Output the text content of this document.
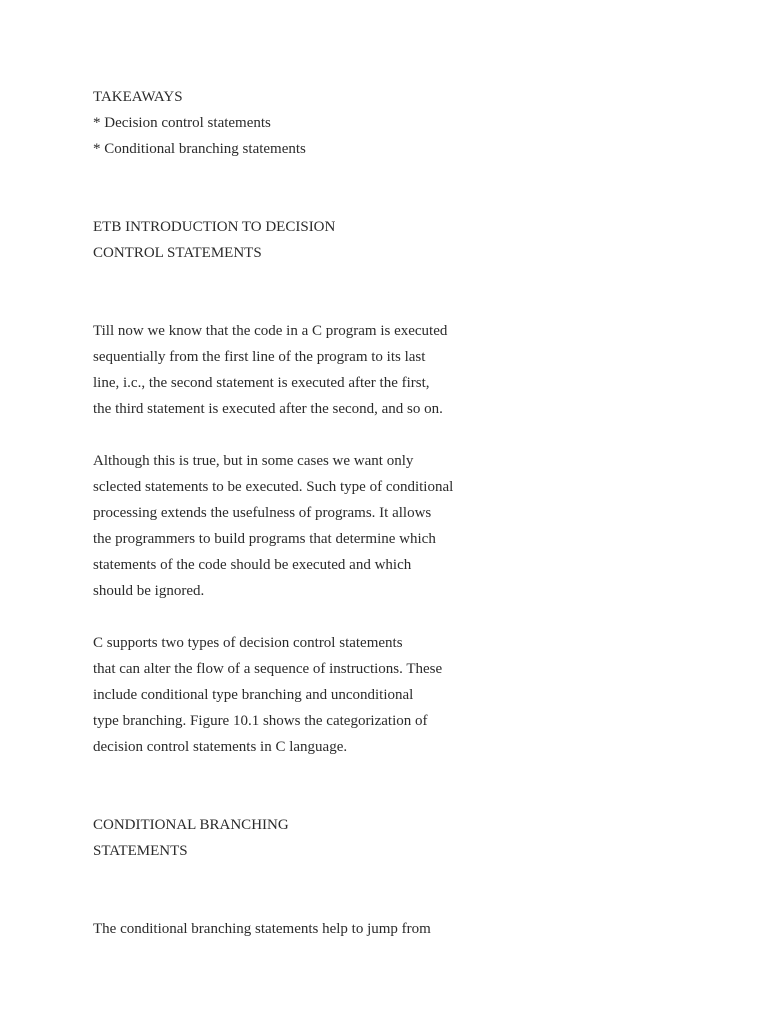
TAKEAWAYS
* Decision control statements
* Conditional branching statements
ETB INTRODUCTION TO DECISION
CONTROL STATEMENTS
Till now we know that the code in a C program is executed
sequentially from the first line of the program to its last
line, i.c., the second statement is executed after the first,
the third statement is executed after the second, and so on.
Although this is true, but in some cases we want only
sclected statements to be executed. Such type of conditional
processing extends the usefulness of programs. It allows
the programmers to build programs that determine which
statements of the code should be executed and which
should be ignored.
C supports two types of decision control statements
that can alter the flow of a sequence of instructions. These
include conditional type branching and unconditional
type branching. Figure 10.1 shows the categorization of
decision control statements in C language.
CONDITIONAL BRANCHING
STATEMENTS
The conditional branching statements help to jump from
